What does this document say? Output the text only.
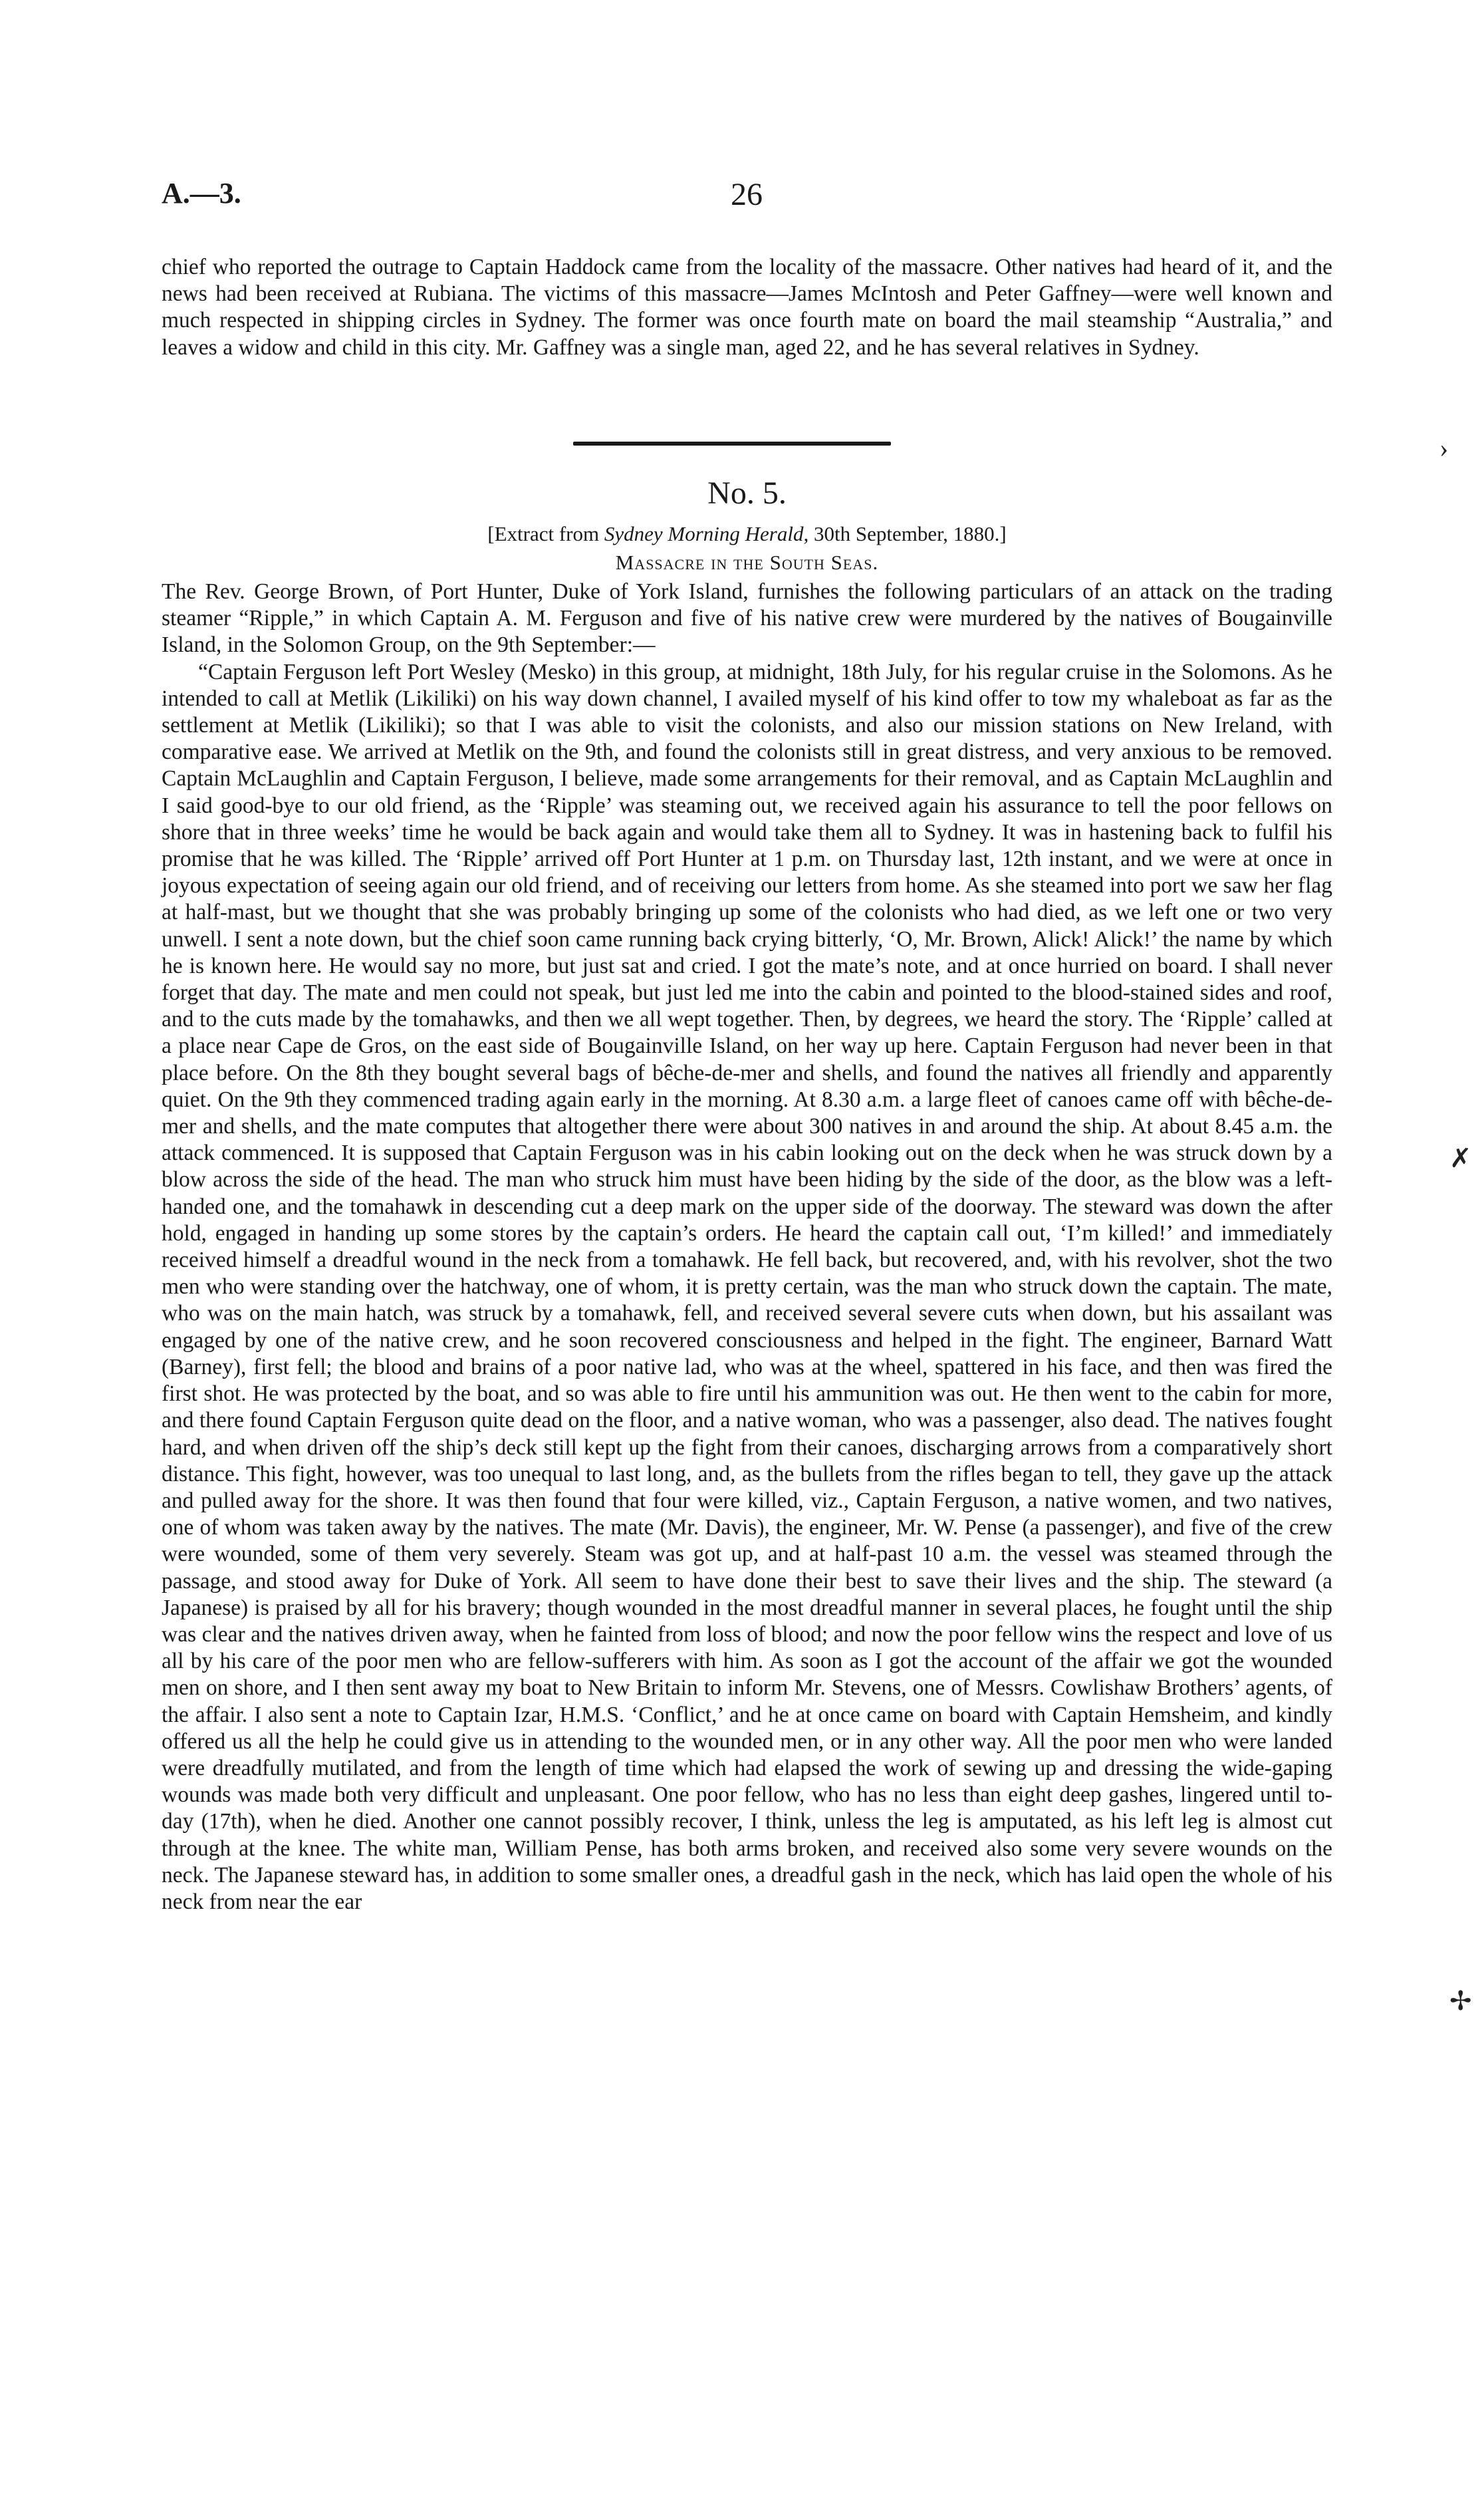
A.—3.	26

chief who reported the outrage to Captain Haddock came from the locality of the massacre. Other natives had heard of it, and the news had been received at Rubiana. The victims of this massacre—James McIntosh and Peter Gaffney—were well known and much respected in shipping circles in Sydney. The former was once fourth mate on board the mail steamship “Australia,” and leaves a widow and child in this city. Mr. Gaffney was a single man, aged 22, and he has several relatives in Sydney.

No. 5.
[Extract from Sydney Morning Herald, 30th September, 1880.]
Massacre in the South Seas.

The Rev. George Brown, of Port Hunter, Duke of York Island, furnishes the following particulars of an attack on the trading steamer “Ripple,” in which Captain A. M. Ferguson and five of his native crew were murdered by the natives of Bougainville Island, in the Solomon Group, on the 9th September:—

“Captain Ferguson left Port Wesley (Mesko) in this group, at midnight, 18th July, for his regular cruise in the Solomons. As he intended to call at Metlik (Likiliki) on his way down channel, I availed myself of his kind offer to tow my whaleboat as far as the settlement at Metlik (Likiliki); so that I was able to visit the colonists, and also our mission stations on New Ireland, with comparative ease. We arrived at Metlik on the 9th, and found the colonists still in great distress, and very anxious to be removed. Captain McLaughlin and Captain Ferguson, I believe, made some arrangements for their removal, and as Captain McLaughlin and I said good-bye to our old friend, as the ‘Ripple’ was steaming out, we received again his assurance to tell the poor fellows on shore that in three weeks’ time he would be back again and would take them all to Sydney. It was in hastening back to fulfil his promise that he was killed. The ‘Ripple’ arrived off Port Hunter at 1 p.m. on Thursday last, 12th instant, and we were at once in joyous expectation of seeing again our old friend, and of receiving our letters from home. As she steamed into port we saw her flag at half-mast, but we thought that she was probably bringing up some of the colonists who had died, as we left one or two very unwell. I sent a note down, but the chief soon came running back crying bitterly, ‘O, Mr. Brown, Alick! Alick!’ the name by which he is known here. He would say no more, but just sat and cried. I got the mate’s note, and at once hurried on board. I shall never forget that day. The mate and men could not speak, but just led me into the cabin and pointed to the blood-stained sides and roof, and to the cuts made by the tomahawks, and then we all wept together. Then, by degrees, we heard the story. The ‘Ripple’ called at a place near Cape de Gros, on the east side of Bougainville Island, on her way up here. Captain Ferguson had never been in that place before. On the 8th they bought several bags of bêche-de-mer and shells, and found the natives all friendly and apparently quiet. On the 9th they commenced trading again early in the morning. At 8.30 a.m. a large fleet of canoes came off with bêche-de-mer and shells, and the mate computes that altogether there were about 300 natives in and around the ship. At about 8.45 a.m. the attack commenced. It is supposed that Captain Ferguson was in his cabin looking out on the deck when he was struck down by a blow across the side of the head. The man who struck him must have been hiding by the side of the door, as the blow was a left-handed one, and the tomahawk in descending cut a deep mark on the upper side of the doorway. The steward was down the after hold, engaged in handing up some stores by the captain’s orders. He heard the captain call out, ‘I’m killed!’ and immediately received himself a dreadful wound in the neck from a tomahawk. He fell back, but recovered, and, with his revolver, shot the two men who were standing over the hatchway, one of whom, it is pretty certain, was the man who struck down the captain. The mate, who was on the main hatch, was struck by a tomahawk, fell, and received several severe cuts when down, but his assailant was engaged by one of the native crew, and he soon recovered consciousness and helped in the fight. The engineer, Barnard Watt (Barney), first fell; the blood and brains of a poor native lad, who was at the wheel, spattered in his face, and then was fired the first shot. He was protected by the boat, and so was able to fire until his ammunition was out. He then went to the cabin for more, and there found Captain Ferguson quite dead on the floor, and a native woman, who was a passenger, also dead. The natives fought hard, and when driven off the ship’s deck still kept up the fight from their canoes, discharging arrows from a comparatively short distance. This fight, however, was too unequal to last long, and, as the bullets from the rifles began to tell, they gave up the attack and pulled away for the shore. It was then found that four were killed, viz., Captain Ferguson, a native women, and two natives, one of whom was taken away by the natives. The mate (Mr. Davis), the engineer, Mr. W. Pense (a passenger), and five of the crew were wounded, some of them very severely. Steam was got up, and at half-past 10 a.m. the vessel was steamed through the passage, and stood away for Duke of York. All seem to have done their best to save their lives and the ship. The steward (a Japanese) is praised by all for his bravery; though wounded in the most dreadful manner in several places, he fought until the ship was clear and the natives driven away, when he fainted from loss of blood; and now the poor fellow wins the respect and love of us all by his care of the poor men who are fellow-sufferers with him. As soon as I got the account of the affair we got the wounded men on shore, and I then sent away my boat to New Britain to inform Mr. Stevens, one of Messrs. Cowlishaw Brothers’ agents, of the affair. I also sent a note to Captain Izar, H.M.S. ‘Conflict,’ and he at once came on board with Captain Hemsheim, and kindly offered us all the help he could give us in attending to the wounded men, or in any other way. All the poor men who were landed were dreadfully mutilated, and from the length of time which had elapsed the work of sewing up and dressing the wide-gaping wounds was made both very difficult and unpleasant. One poor fellow, who has no less than eight deep gashes, lingered until to-day (17th), when he died. Another one cannot possibly recover, I think, unless the leg is amputated, as his left leg is almost cut through at the knee. The white man, William Pense, has both arms broken, and received also some very severe wounds on the neck. The Japanese steward has, in addition to some smaller ones, a dreadful gash in the neck, which has laid open the whole of his neck from near the ear

›
✗
✢
